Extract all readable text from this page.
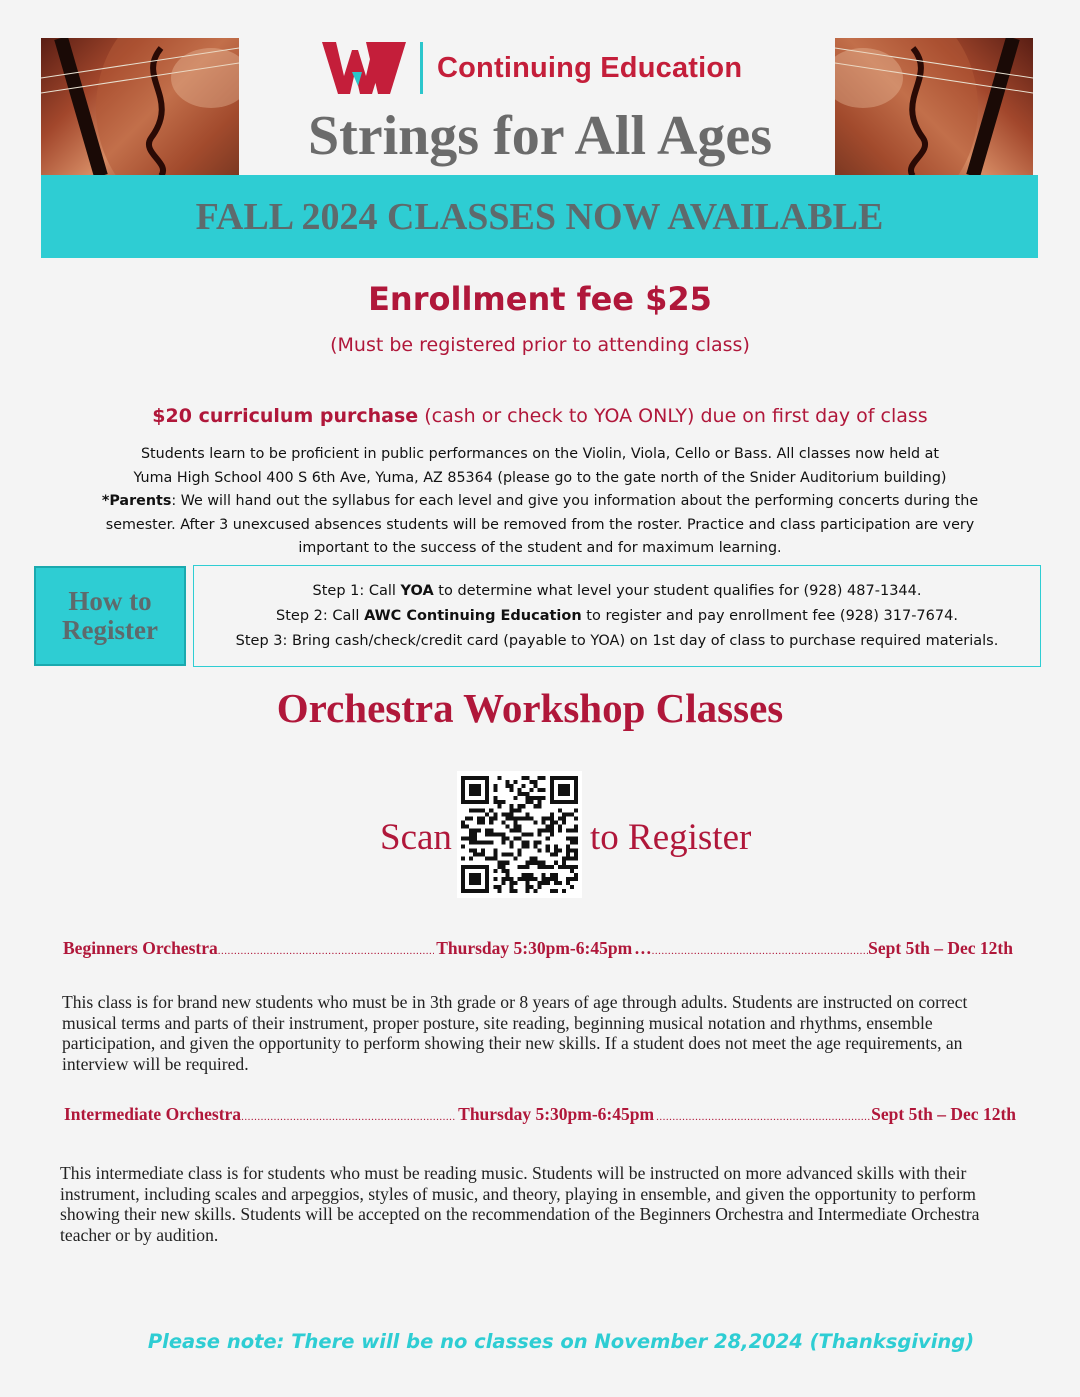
Continuing Education
Strings for All Ages
FALL 2024 CLASSES NOW AVAILABLE
Enrollment fee $25
(Must be registered prior to attending class)
$20 curriculum purchase (cash or check to YOA ONLY) due on first day of class
Students learn to be proficient in public performances on the Violin, Viola, Cello or Bass. All classes now held at
Yuma High School 400 S 6th Ave, Yuma, AZ 85364 (please go to the gate north of the Snider Auditorium building)
*Parents: We will hand out the syllabus for each level and give you information about the performing concerts during the semester. After 3 unexcused absences students will be removed from the roster. Practice and class participation are very important to the success of the student and for maximum learning.
How to
Register
Step 1: Call YOA to determine what level your student qualifies for (928) 487-1344.
Step 2: Call AWC Continuing Education to register and pay enrollment fee (928) 317-7674.
Step 3: Bring cash/check/credit card (payable to YOA) on 1st day of class to purchase required materials.
Orchestra Workshop Classes
Scan	to Register
Beginners Orchestra .....	Thursday 5:30pm-6:45pm … .....	Sept 5th – Dec 12th
This class is for brand new students who must be in 3th grade or 8 years of age through adults. Students are instructed on correct musical terms and parts of their instrument, proper posture, site reading, beginning musical notation and rhythms, ensemble participation, and given the opportunity to perform showing their new skills. If a student does not meet the age requirements, an interview will be required.
Intermediate Orchestra .....	Thursday 5:30pm-6:45pm .....	Sept 5th – Dec 12th
This intermediate class is for students who must be reading music. Students will be instructed on more advanced skills with their instrument, including scales and arpeggios, styles of music, and theory, playing in ensemble, and given the opportunity to perform showing their new skills. Students will be accepted on the recommendation of the Beginners Orchestra and Intermediate Orchestra teacher or by audition.
Please note: There will be no classes on November 28,2024 (Thanksgiving)
